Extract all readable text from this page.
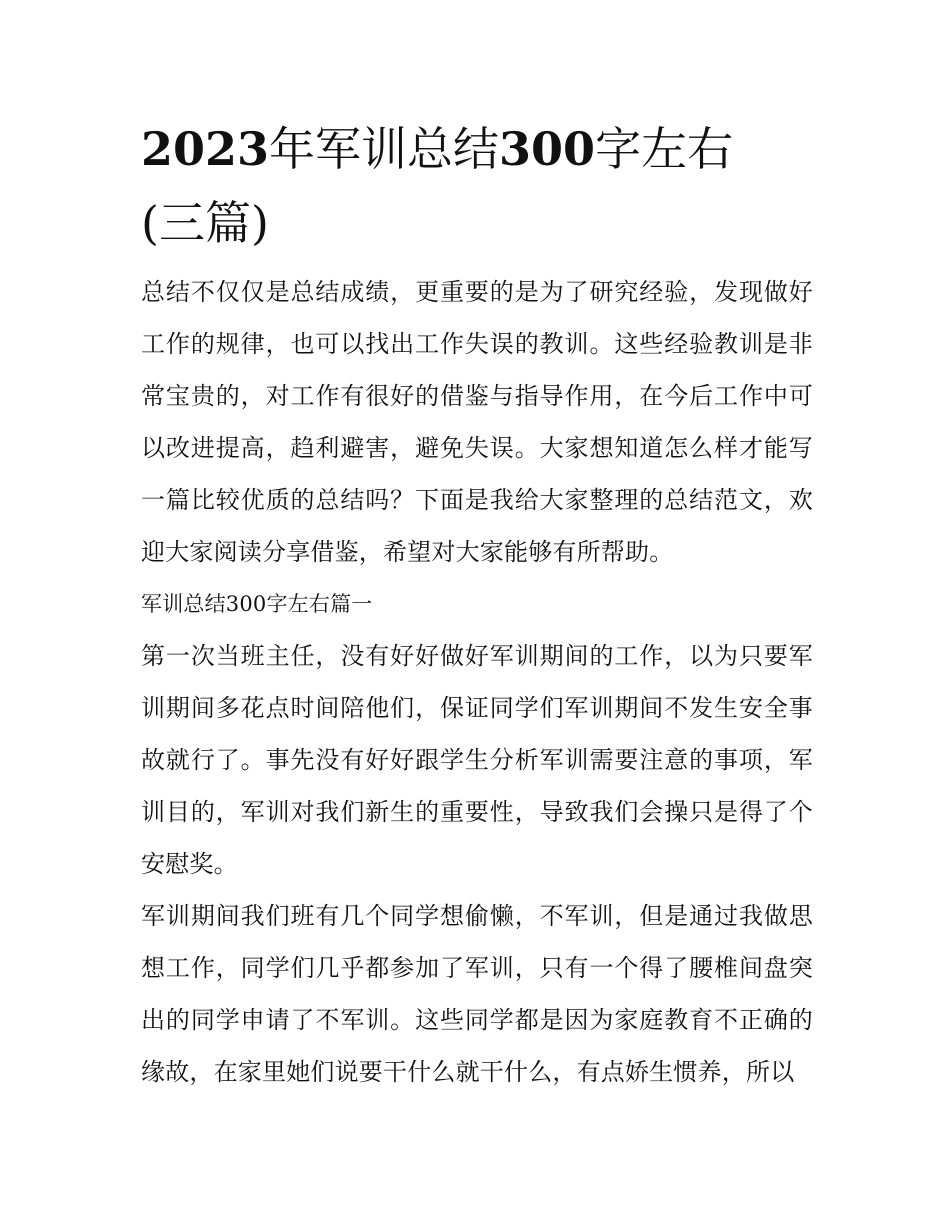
2023年军训总结300字左右
(三篇)

总结不仅仅是总结成绩，更重要的是为了研究经验，发现做好工作的规律，也可以找出工作失误的教训。这些经验教训是非常宝贵的，对工作有很好的借鉴与指导作用，在今后工作中可以改进提高，趋利避害，避免失误。大家想知道怎么样才能写一篇比较优质的总结吗？下面是我给大家整理的总结范文，欢迎大家阅读分享借鉴，希望对大家能够有所帮助。

军训总结300字左右篇一

第一次当班主任，没有好好做好军训期间的工作，以为只要军训期间多花点时间陪他们，保证同学们军训期间不发生安全事故就行了。事先没有好好跟学生分析军训需要注意的事项，军训目的，军训对我们新生的重要性，导致我们会操只是得了个安慰奖。

军训期间我们班有几个同学想偷懒，不军训，但是通过我做思想工作，同学们几乎都参加了军训，只有一个得了腰椎间盘突出的同学申请了不军训。这些同学都是因为家庭教育不正确的缘故，在家里她们说要干什么就干什么，有点娇生惯养，所以
